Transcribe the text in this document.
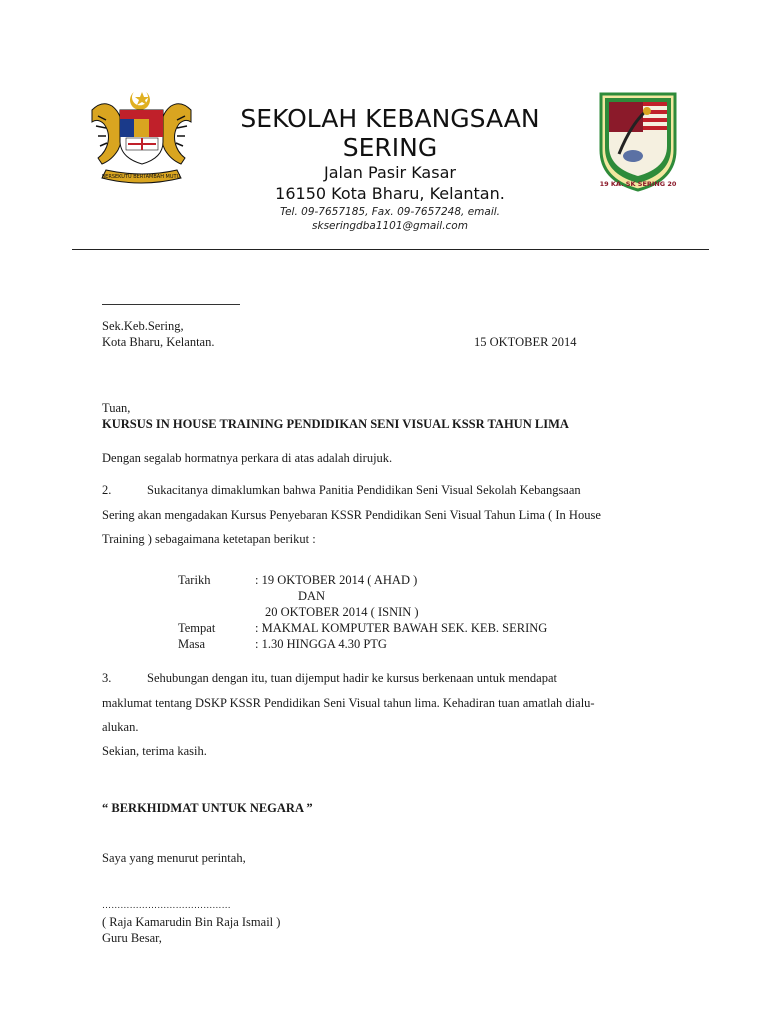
BERSEKUTU BERTAMBAH MUTU
~~~~~~~~
19 KA. SK SERING 20
SEKOLAH KEBANGSAAN
SERING
Jalan Pasir Kasar
16150 Kota Bharu, Kelantan.
Tel. 09-7657185, Fax. 09-7657248, email.
skseringdba1101@gmail.com
Sek.Keb.Sering,
Kota Bharu, Kelantan.	15 OKTOBER 2014
Tuan,
KURSUS IN HOUSE TRAINING PENDIDIKAN SENI VISUAL KSSR TAHUN LIMA
Dengan segalab hormatnya perkara di atas adalah dirujuk.
2.	Sukacitanya dimaklumkan bahwa Panitia Pendidikan Seni Visual Sekolah Kebangsaan
Sering akan mengadakan Kursus Penyebaran KSSR Pendidikan Seni Visual Tahun Lima ( In House
Training ) sebagaimana ketetapan berikut :
Tarikh	: 19 OKTOBER 2014 ( AHAD )
DAN
20 OKTOBER 2014 ( ISNIN )
Tempat	: MAKMAL KOMPUTER BAWAH SEK. KEB. SERING
Masa	: 1.30 HINGGA 4.30 PTG
3.	Sehubungan dengan itu, tuan dijemput hadir ke kursus berkenaan untuk mendapat
maklumat tentang DSKP KSSR Pendidikan Seni Visual tahun lima. Kehadiran tuan amatlah dialu-
alukan.
Sekian, terima kasih.
“ BERKHIDMAT UNTUK NEGARA ”
Saya yang menurut perintah,
……………………………………
( Raja Kamarudin Bin Raja Ismail )
Guru Besar,
